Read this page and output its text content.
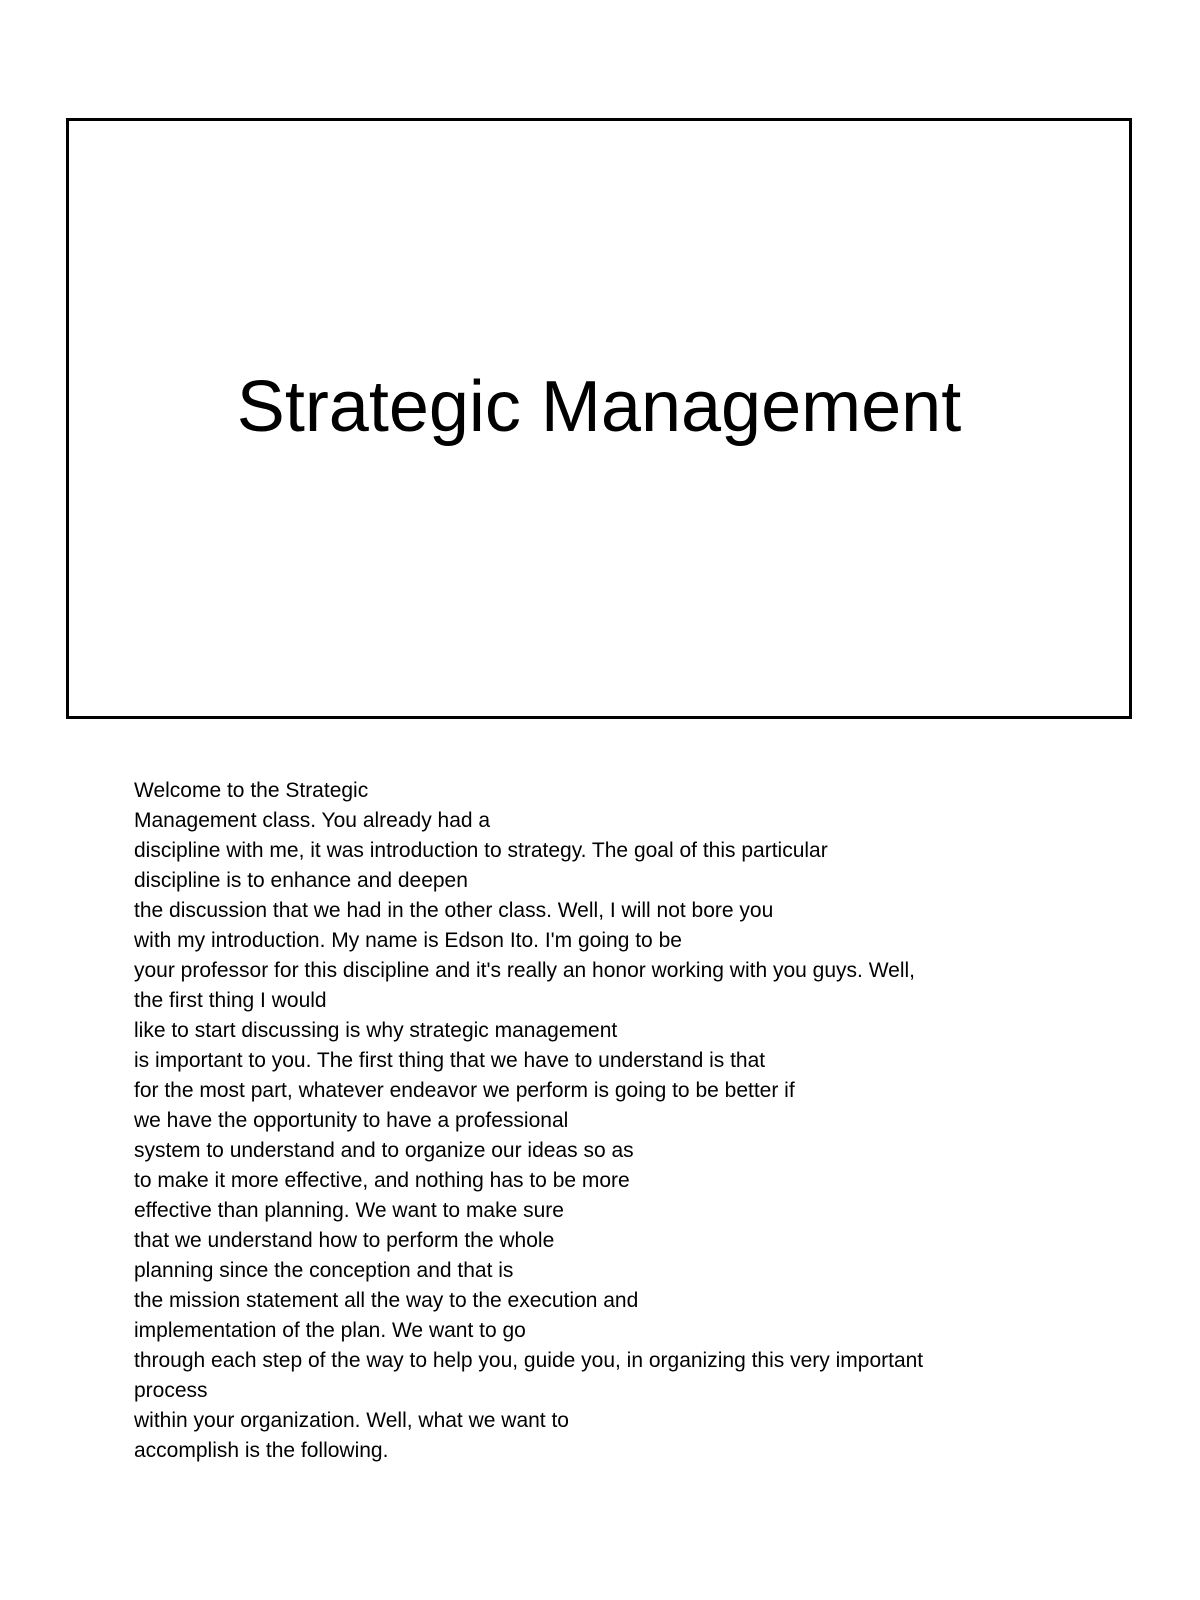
Strategic Management
Welcome to the Strategic
Management class. You already had a
discipline with me, it was introduction to strategy. The goal of this particular
discipline is to enhance and deepen
the discussion that we had in the other class. Well, I will not bore you
with my introduction. My name is Edson Ito. I'm going to be
your professor for this discipline and it's really an honor working with you guys. Well,
the first thing I would
like to start discussing is why strategic management
is important to you. The first thing that we have to understand is that
for the most part, whatever endeavor we perform is going to be better if
we have the opportunity to have a professional
system to understand and to organize our ideas so as
to make it more effective, and nothing has to be more
effective than planning. We want to make sure
that we understand how to perform the whole
planning since the conception and that is
the mission statement all the way to the execution and
implementation of the plan. We want to go
through each step of the way to help you, guide you, in organizing this very important
process
within your organization. Well, what we want to
accomplish is the following.
